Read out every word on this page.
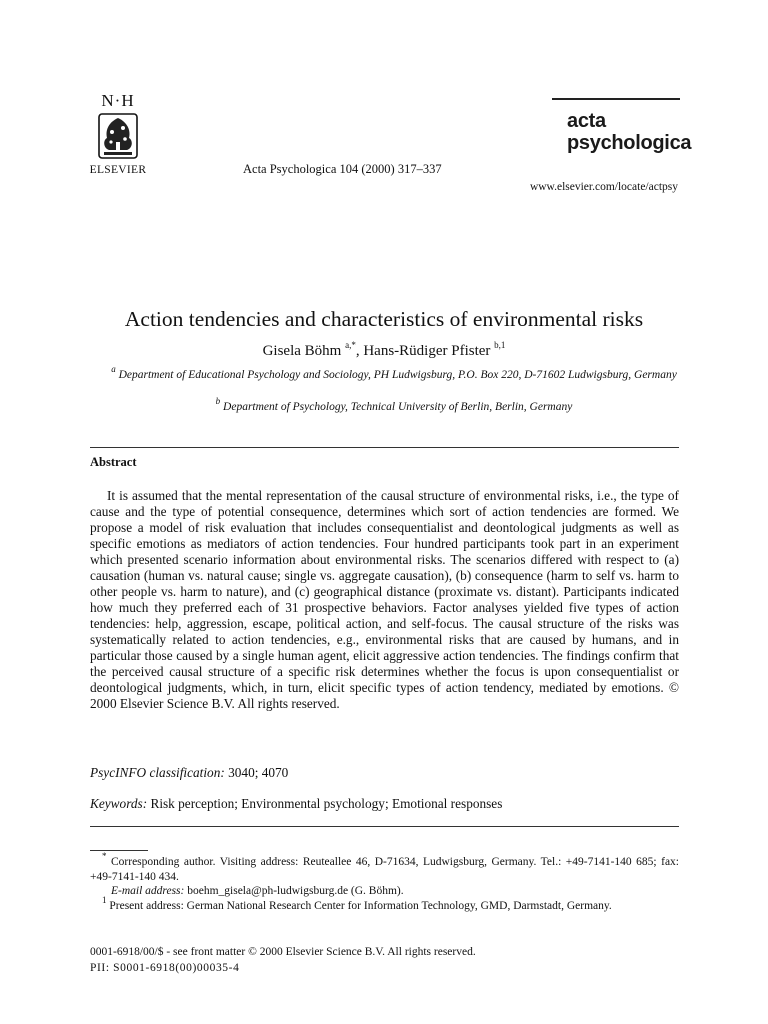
N·H
ELSEVIER	Acta Psychologica 104 (2000) 317–337
acta
psychologica
www.elsevier.com/locate/actpsy
Action tendencies and characteristics of environmental risks
Gisela Böhm $^{a,*}$, Hans-Rüdiger Pfister $^{b,1}$
$^a$ Department of Educational Psychology and Sociology, PH Ludwigsburg, P.O. Box 220, D-71602 Ludwigsburg, Germany
$^b$ Department of Psychology, Technical University of Berlin, Berlin, Germany
Abstract
It is assumed that the mental representation of the causal structure of environmental risks, i.e., the type of cause and the type of potential consequence, determines which sort of action tendencies are formed. We propose a model of risk evaluation that includes consequentialist and deontological judgments as well as specific emotions as mediators of action tendencies. Four hundred participants took part in an experiment which presented scenario information about environmental risks. The scenarios differed with respect to (a) causation (human vs. natural cause; single vs. aggregate causation), (b) consequence (harm to self vs. harm to other people vs. harm to nature), and (c) geographical distance (proximate vs. distant). Participants indicated how much they preferred each of 31 prospective behaviors. Factor analyses yielded five types of action tendencies: help, aggression, escape, political action, and self-focus. The causal structure of the risks was systematically related to action tendencies, e.g., environmental risks that are caused by humans, and in particular those caused by a single human agent, elicit aggressive action tendencies. The findings confirm that the perceived causal structure of a specific risk determines whether the focus is upon consequentialist or deontological judgments, which, in turn, elicit specific types of action tendency, mediated by emotions. © 2000 Elsevier Science B.V. All rights reserved.
PsycINFO classification: 3040; 4070
Keywords: Risk perception; Environmental psychology; Emotional responses
* Corresponding author. Visiting address: Reuteallee 46, D-71634, Ludwigsburg, Germany. Tel.: +49-7141-140 685; fax: +49-7141-140 434.
E-mail address: boehm_gisela@ph-ludwigsburg.de (G. Böhm).
$^1$ Present address: German National Research Center for Information Technology, GMD, Darmstadt, Germany.
0001-6918/00/$ - see front matter © 2000 Elsevier Science B.V. All rights reserved.
PII: S0001-6918(00)00035-4
